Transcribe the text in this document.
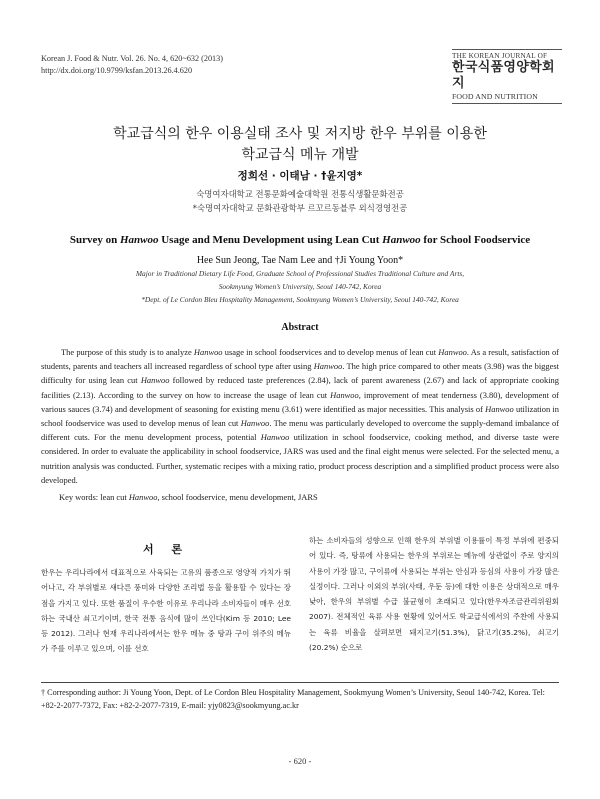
Korean J. Food & Nutr. Vol. 26. No. 4, 620~632 (2013)
http://dx.doi.org/10.9799/ksfan.2013.26.4.620
THE KOREAN JOURNAL OF
한국식품영양학회지
FOOD AND NUTRITION
학교급식의 한우 이용실태 조사 및 저지방 한우 부위를 이용한
학교급식 메뉴 개발
정희선 · 이태남 · †윤지영*
숙명여자대학교 전통문화예술대학원 전통식생활문화전공
*숙명여자대학교 문화관광학부 르꼬르동블루 외식경영전공
Survey on Hanwoo Usage and Menu Development using Lean Cut Hanwoo for School Foodservice
Hee Sun Jeong, Tae Nam Lee and †Ji Young Yoon*
Major in Traditional Dietary Life Food, Graduate School of Professional Studies Traditional Culture and Arts,
Sookmyung Women’s University, Seoul 140-742, Korea
*Dept. of Le Cordon Bleu Hospitality Management, Sookmyung Women’s University, Seoul 140-742, Korea
Abstract

The purpose of this study is to analyze Hanwoo usage in school foodservices and to develop menus of lean cut Hanwoo. As a result, satisfaction of students, parents and teachers all increased regardless of school type after using Hanwoo. The high price compared to other meats (3.98) was the biggest difficulty for using lean cut Hanwoo followed by reduced taste preferences (2.84), lack of parent awareness (2.67) and lack of appropriate cooking facilities (2.13). According to the survey on how to increase the usage of lean cut Hanwoo, improvement of meat tenderness (3.80), development of various sauces (3.74) and development of seasoning for existing menu (3.61) were identified as major necessities. This analysis of Hanwoo utilization in school foodservice was used to develop menus of lean cut Hanwoo. The menu was particularly developed to overcome the supply-demand imbalance of different cuts. For the menu development process, potential Hanwoo utilization in school foodservice, cooking method, and diverse taste were considered. In order to evaluate the applicability in school foodservice, JARS was used and the final eight menus were selected. For the selected menu, a nutrition analysis was conducted. Further, systematic recipes with a mixing ratio, product process description and a simplified product process were also developed.

Key words: lean cut Hanwoo, school foodservice, menu development, JARS
서 론
한우는 우리나라에서 대표적으로 사육되는 고유의 품종으로 영양적 가치가 뛰어나고, 각 부위별로 섀다른 풍미와 다양한 조리법 등을 활용할 수 있다는 장점을 가지고 있다. 또한 품질이 우수한 이유로 우리나라 소비자들이 매우 선호하는 국내산 쇠고기이며, 한국 전통 음식에 많이 쓰인다(Kim 등 2010; Lee 등 2012). 그러나 현재 우리나라에서는 한우 메뉴 중 탕과 구이 위주의 메뉴가 주를 이루고 있으며, 이를 선호
하는 소비자들의 성향으로 인해 한우의 부위별 이용률이 특정 부위에 편중되어 있다. 즉, 탕류에 사용되는 한우의 부위로는 메뉴에 상관없이 주로 양지의 사용이 가장 많고, 구이류에 사용되는 부위는 안심과 등심의 사용이 가장 많은 실정이다. 그러나 이외의 부위(사태, 우둔 등)에 대한 이용은 상대적으로 매우 낮아, 한우의 부위별 수급 불균형이 초래되고 있다(한우자조금관리위원회 2007). 전체적인 육류 사용 현황에 있어서도 학교급식에서의 주찬에 사용되는 육류 비율을 살펴보면 돼지고기(51.3%), 닭고기(35.2%), 쇠고기(20.2%) 순으로
† Corresponding author: Ji Young Yoon, Dept. of Le Cordon Bleu Hospitality Management, Sookmyung Women’s University, Seoul 140-742, Korea. Tel: +82-2-2077-7372, Fax: +82-2-2077-7319, E-mail: yjy0823@sookmyung.ac.kr
- 620 -
